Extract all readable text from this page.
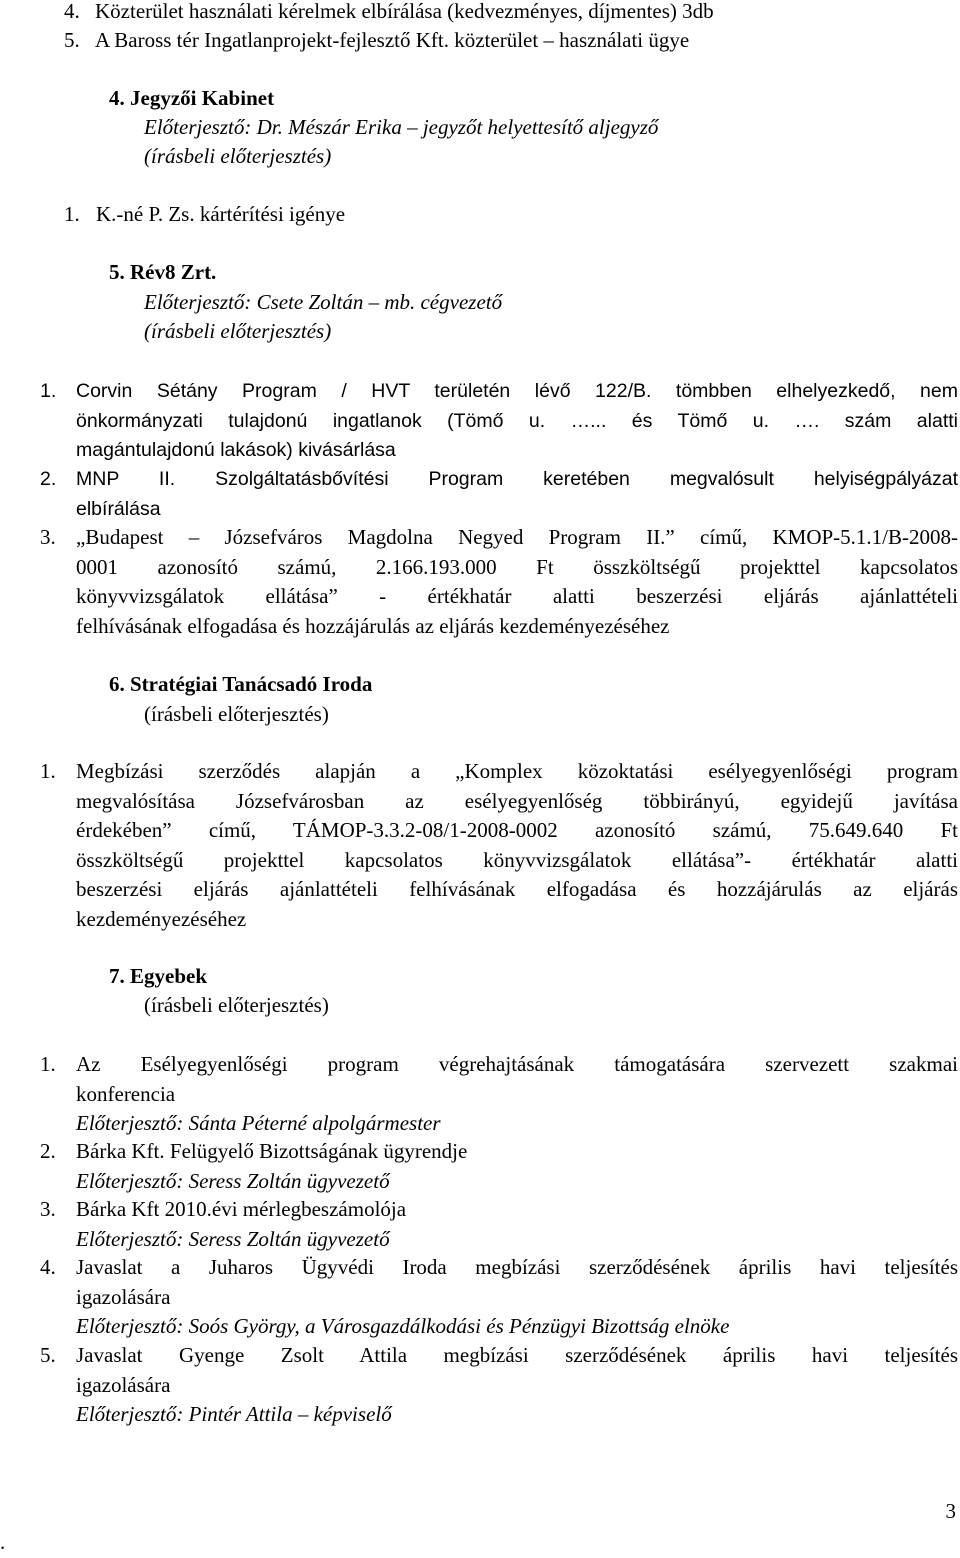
4. Közterület használati kérelmek elbírálása (kedvezményes, díjmentes) 3db
5. A Baross tér Ingatlanprojekt-fejlesztő Kft. közterület – használati ügye
4. Jegyzői Kabinet
Előterjesztő: Dr. Mészár Erika – jegyzőt helyettesítő aljegyző
(írásbeli előterjesztés)
1. K.-né P. Zs. kártérítési igénye
5. Rév8 Zrt.
Előterjesztő: Csete Zoltán – mb. cégvezető
(írásbeli előterjesztés)
1.	Corvin Sétány Program / HVT területén lévő 122/B. tömbben elhelyezkedő, nem
önkormányzati tulajdonú ingatlanok (Tömő u. …... és Tömő u. …. szám alatti
magántulajdonú lakások) kivásárlása
2.	MNP II. Szolgáltatásbővítési Program keretében megvalósult helyiségpályázat
elbírálása
3. „Budapest – Józsefváros Magdolna Negyed Program II.” című, KMOP-5.1.1/B-2008-
0001 azonosító számú, 2.166.193.000 Ft összköltségű projekttel kapcsolatos
könyvvizsgálatok ellátása” - értékhatár alatti beszerzési eljárás ajánlattételi
felhívásának elfogadása és hozzájárulás az eljárás kezdeményezéséhez
6. Stratégiai Tanácsadó Iroda
(írásbeli előterjesztés)
1. Megbízási szerződés alapján a „Komplex közoktatási esélyegyenlőségi program
megvalósítása Józsefvárosban az esélyegyenlőség többirányú, egyidejű javítása
érdekében” című, TÁMOP-3.3.2-08/1-2008-0002 azonosító számú, 75.649.640 Ft
összköltségű projekttel kapcsolatos könyvvizsgálatok ellátása”- értékhatár alatti
beszerzési eljárás ajánlattételi felhívásának elfogadása és hozzájárulás az eljárás
kezdeményezéséhez
7. Egyebek
(írásbeli előterjesztés)
1. Az Esélyegyenlőségi program végrehajtásának támogatására szervezett szakmai
konferencia
Előterjesztő: Sánta Péterné alpolgármester
2. Bárka Kft. Felügyelő Bizottságának ügyrendje
Előterjesztő: Seress Zoltán ügyvezető
3. Bárka Kft 2010.évi mérlegbeszámolója
Előterjesztő: Seress Zoltán ügyvezető
4. Javaslat a Juharos Ügyvédi Iroda megbízási szerződésének április havi teljesítés
igazolására
Előterjesztő: Soós György, a Városgazdálkodási és Pénzügyi Bizottság elnöke
5. Javaslat Gyenge Zsolt Attila megbízási szerződésének április havi teljesítés
igazolására
Előterjesztő: Pintér Attila – képviselő
3
.
